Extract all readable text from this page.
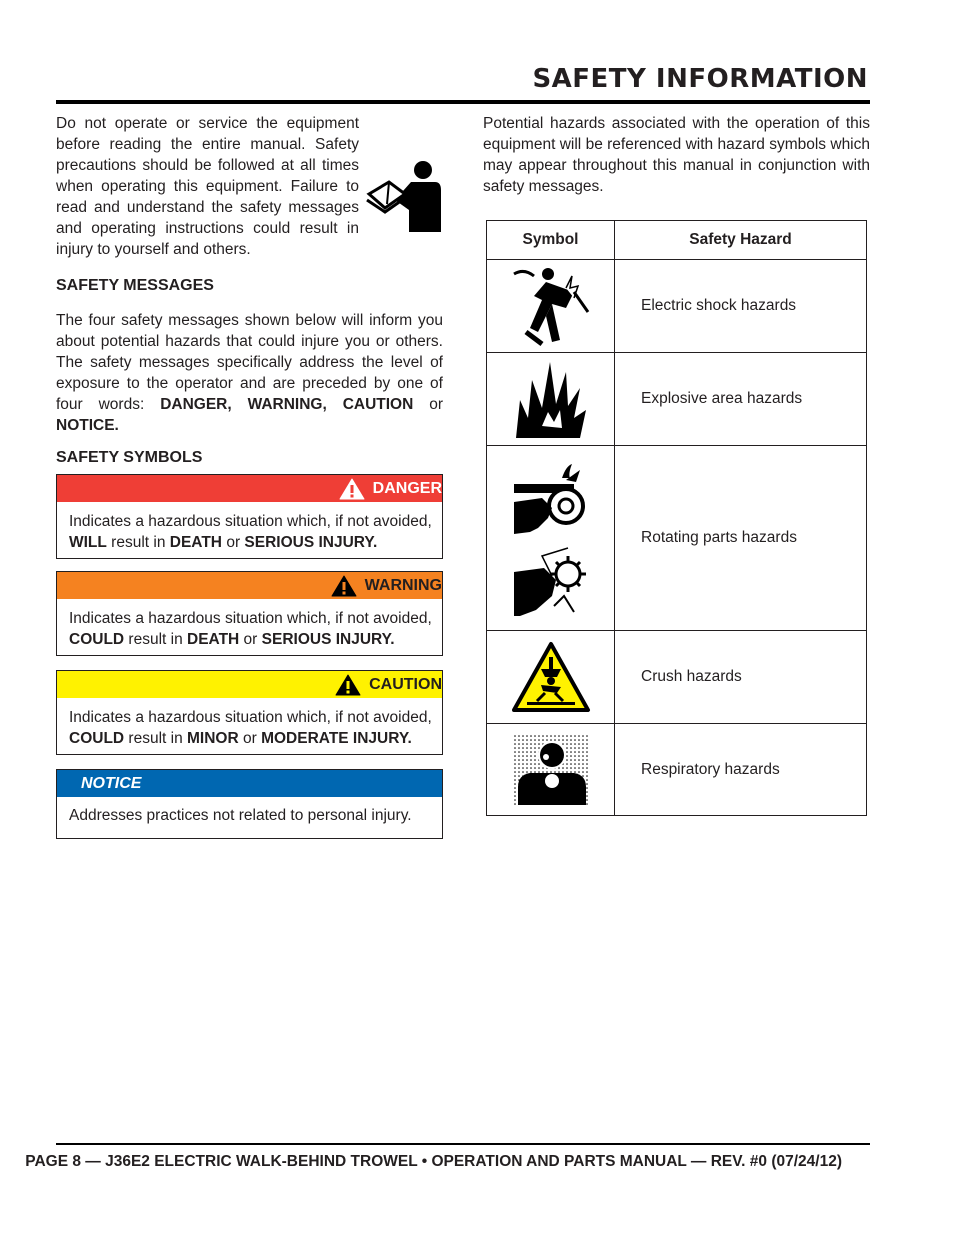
SAFETY INFORMATION

Do not operate or service the equipment before reading the entire manual. Safety precautions should be followed at all times when operating this equipment. Failure to read and understand the safety messages and operating instructions could result in injury to yourself and others.

SAFETY MESSAGES

The four safety messages shown below will inform you about potential hazards that could injure you or others. The safety messages specifically address the level of exposure to the operator and are preceded by one of four words: DANGER, WARNING, CAUTION or NOTICE.

SAFETY SYMBOLS
DANGER
Indicates a hazardous situation which, if not avoided, WILL result in DEATH or SERIOUS INJURY.
WARNING
Indicates a hazardous situation which, if not avoided, COULD result in DEATH or SERIOUS INJURY.
CAUTION
Indicates a hazardous situation which, if not avoided, COULD result in MINOR or MODERATE INJURY.
NOTICE
Addresses practices not related to personal injury.

Potential hazards associated with the operation of this equipment will be referenced with hazard symbols which may appear throughout this manual in conjunction with safety messages.

Symbol	Safety Hazard

	Electric shock hazards

	Explosive area hazards

	Rotating parts hazards

	Crush hazards

	Respiratory hazards
PAGE 8 — J36E2 ELECTRIC WALK-BEHIND TROWEL • OPERATION AND PARTS MANUAL — REV. #0 (07/24/12)
